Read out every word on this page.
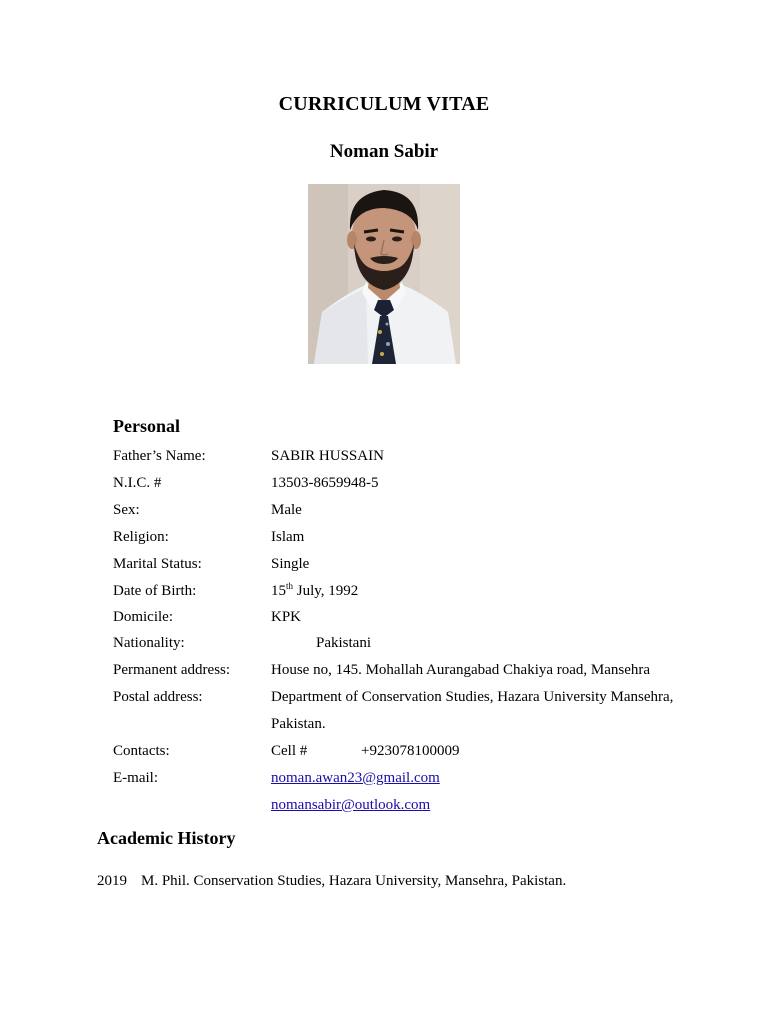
CURRICULUM VITAE
Noman Sabir
Personal
Father’s Name:	SABIR HUSSAIN
N.I.C. #	13503-8659948-5
Sex:	Male
Religion:	Islam
Marital Status:	Single
Date of Birth:	15th July, 1992
Domicile:	KPK
Nationality:	Pakistani
Permanent address:	House no, 145. Mohallah Aurangabad Chakiya road, Mansehra
Postal address:	Department of Conservation Studies, Hazara University Mansehra,
Pakistan.
Contacts:	Cell #	+923078100009
E-mail:	noman.awan23@gmail.com
nomansabir@outlook.com
Academic History
2019 M. Phil. Conservation Studies, Hazara University, Mansehra, Pakistan.
